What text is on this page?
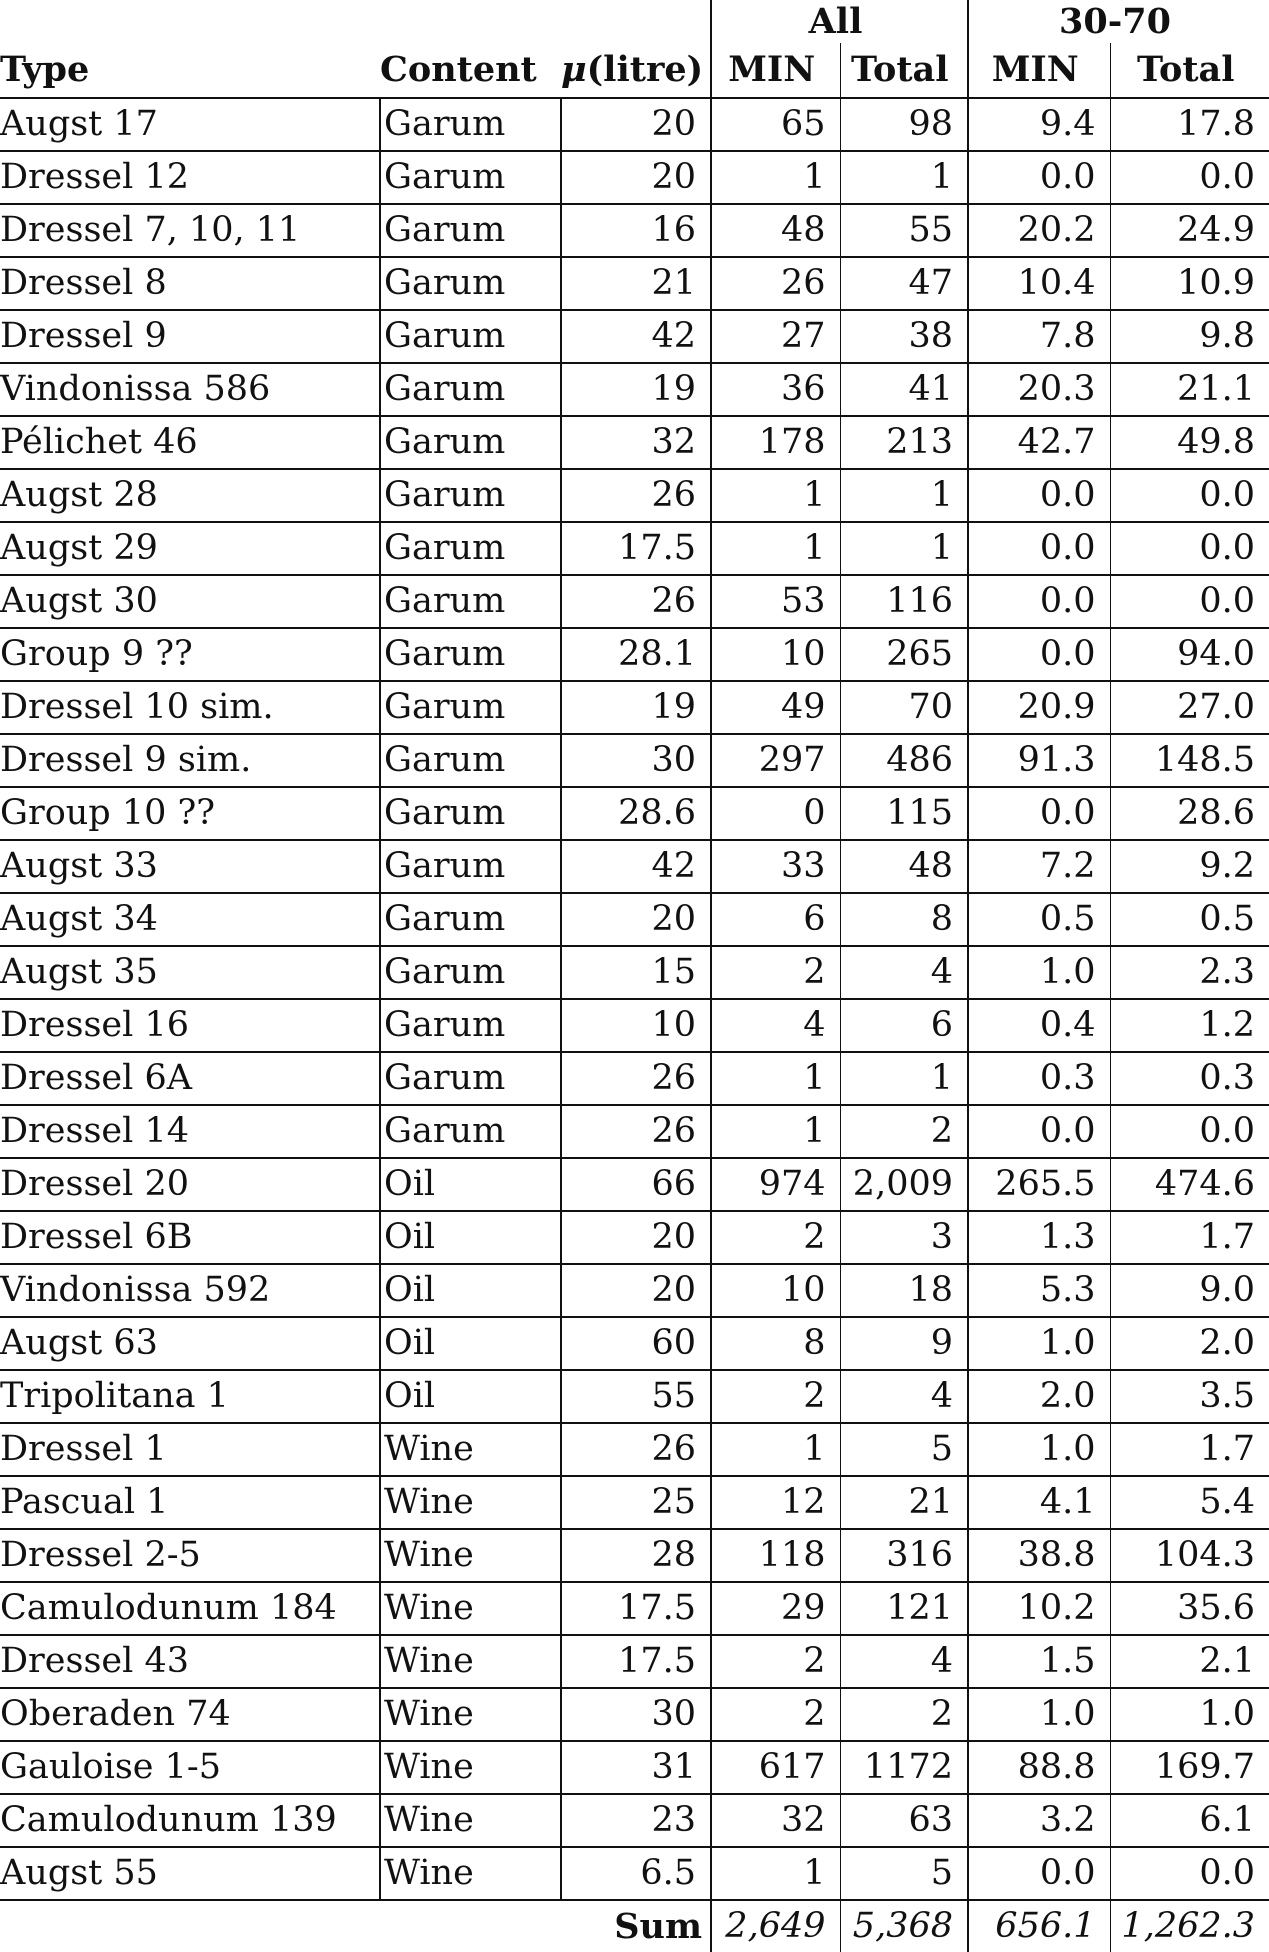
			All		30-70	
Type	Content	μ(litre)	MIN	Total	MIN	Total
Augst 17	Garum	20	65	98	9.4	17.8
Dressel 12	Garum	20	1	1	0.0	0.0
Dressel 7, 10, 11	Garum	16	48	55	20.2	24.9
Dressel 8	Garum	21	26	47	10.4	10.9
Dressel 9	Garum	42	27	38	7.8	9.8
Vindonissa 586	Garum	19	36	41	20.3	21.1
Pélichet 46	Garum	32	178	213	42.7	49.8
Augst 28	Garum	26	1	1	0.0	0.0
Augst 29	Garum	17.5	1	1	0.0	0.0
Augst 30	Garum	26	53	116	0.0	0.0
Group 9 ??	Garum	28.1	10	265	0.0	94.0
Dressel 10 sim.	Garum	19	49	70	20.9	27.0
Dressel 9 sim.	Garum	30	297	486	91.3	148.5
Group 10 ??	Garum	28.6	0	115	0.0	28.6
Augst 33	Garum	42	33	48	7.2	9.2
Augst 34	Garum	20	6	8	0.5	0.5
Augst 35	Garum	15	2	4	1.0	2.3
Dressel 16	Garum	10	4	6	0.4	1.2
Dressel 6A	Garum	26	1	1	0.3	0.3
Dressel 14	Garum	26	1	2	0.0	0.0
Dressel 20	Oil	66	974	2,009	265.5	474.6
Dressel 6B	Oil	20	2	3	1.3	1.7
Vindonissa 592	Oil	20	10	18	5.3	9.0
Augst 63	Oil	60	8	9	1.0	2.0
Tripolitana 1	Oil	55	2	4	2.0	3.5
Dressel 1	Wine	26	1	5	1.0	1.7
Pascual 1	Wine	25	12	21	4.1	5.4
Dressel 2-5	Wine	28	118	316	38.8	104.3
Camulodunum 184	Wine	17.5	29	121	10.2	35.6
Dressel 43	Wine	17.5	2	4	1.5	2.1
Oberaden 74	Wine	30	2	2	1.0	1.0
Gauloise 1-5	Wine	31	617	1172	88.8	169.7
Camulodunum 139	Wine	23	32	63	3.2	6.1
Augst 55	Wine	6.5	1	5	0.0	0.0
Sum			2,649	5,368	656.1	1,262.3
